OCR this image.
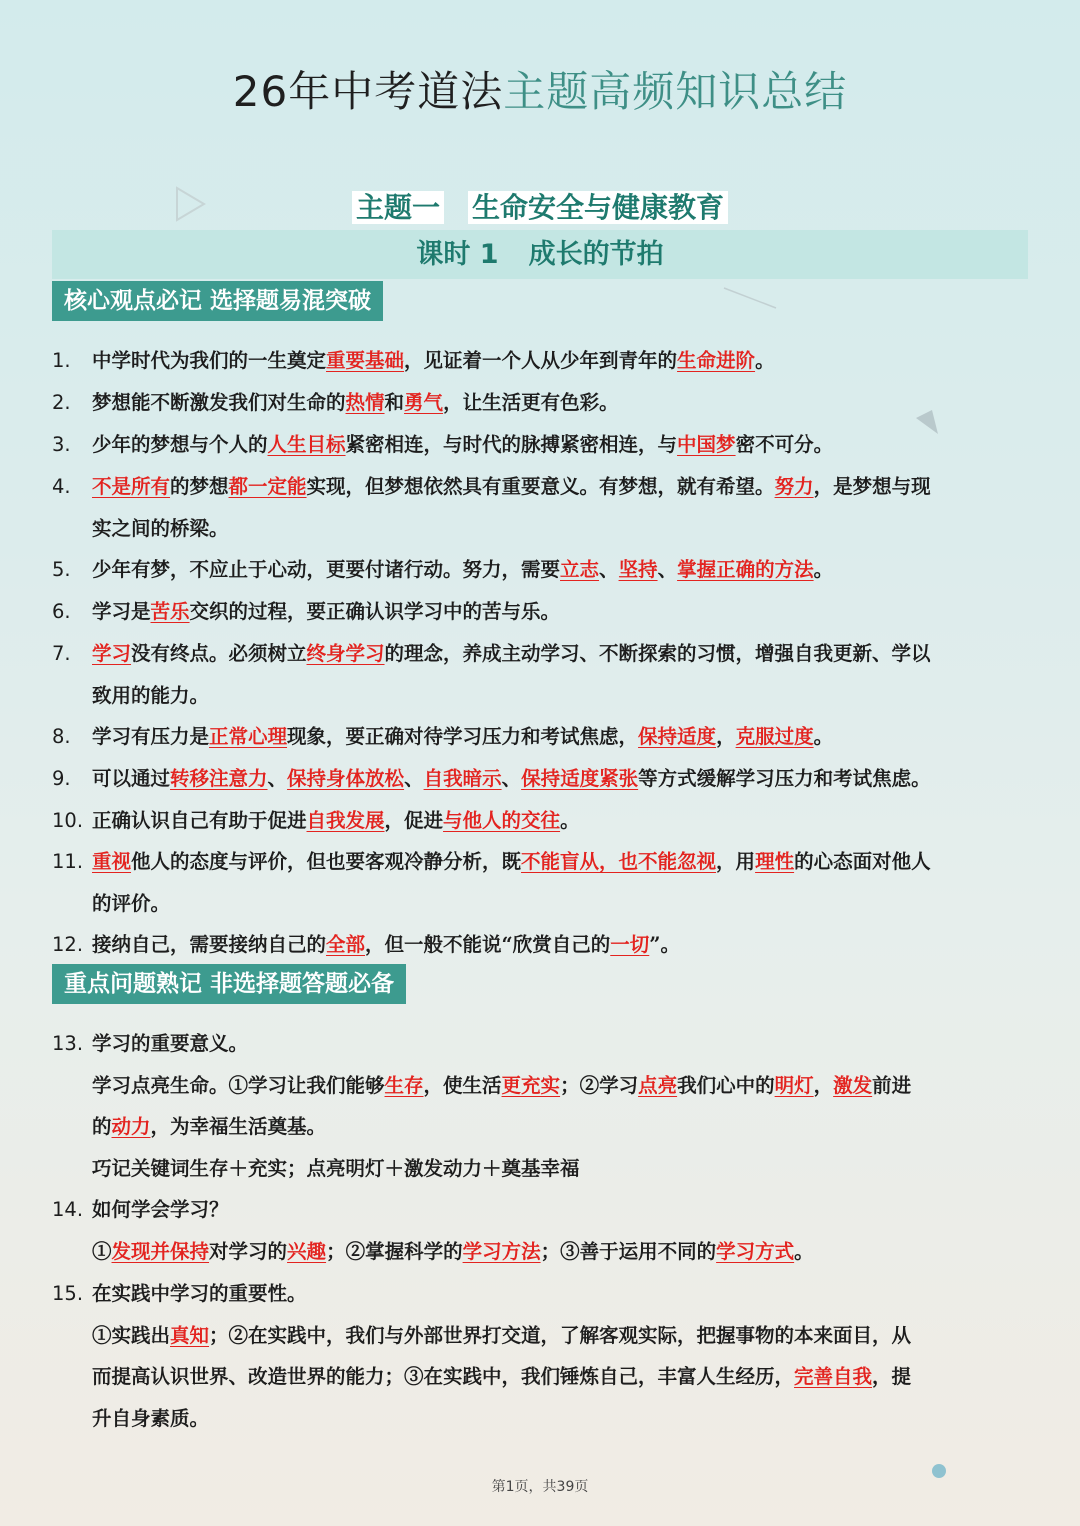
26年中考道法主题高频知识总结
主题一 生命安全与健康教育
课时 1 成长的节拍
核心观点必记 选择题易混突破
1. 中学时代为我们的一生奠定重要基础，见证着一个人从少年到青年的生命进阶。
2. 梦想能不断激发我们对生命的热情和勇气，让生活更有色彩。
3. 少年的梦想与个人的人生目标紧密相连，与时代的脉搏紧密相连，与中国梦密不可分。
4. 不是所有的梦想都一定能实现，但梦想依然具有重要意义。有梦想，就有希望。努力，是梦想与现
实之间的桥梁。
5. 少年有梦，不应止于心动，更要付诸行动。努力，需要立志、坚持、掌握正确的方法。
6. 学习是苦乐交织的过程，要正确认识学习中的苦与乐。
7. 学习没有终点。必须树立终身学习的理念，养成主动学习、不断探索的习惯，增强自我更新、学以
致用的能力。
8. 学习有压力是正常心理现象，要正确对待学习压力和考试焦虑，保持适度，克服过度。
9. 可以通过转移注意力、保持身体放松、自我暗示、保持适度紧张等方式缓解学习压力和考试焦虑。
10. 正确认识自己有助于促进自我发展，促进与他人的交往。
11. 重视他人的态度与评价，但也要客观冷静分析，既不能盲从，也不能忽视，用理性的心态面对他人
的评价。
12. 接纳自己，需要接纳自己的全部，但一般不能说“欣赏自己的一切”。
重点问题熟记 非选择题答题必备
13. 学习的重要意义。
学习点亮生命。①学习让我们能够生存，使生活更充实；②学习点亮我们心中的明灯，激发前进
的动力，为幸福生活奠基。
巧记关键词生存＋充实；点亮明灯＋激发动力＋奠基幸福
14. 如何学会学习？
①发现并保持对学习的兴趣；②掌握科学的学习方法；③善于运用不同的学习方式。
15. 在实践中学习的重要性。
①实践出真知；②在实践中，我们与外部世界打交道，了解客观实际，把握事物的本来面目，从
而提高认识世界、改造世界的能力；③在实践中，我们锤炼自己，丰富人生经历，完善自我，提
升自身素质。
第1页，共39页
